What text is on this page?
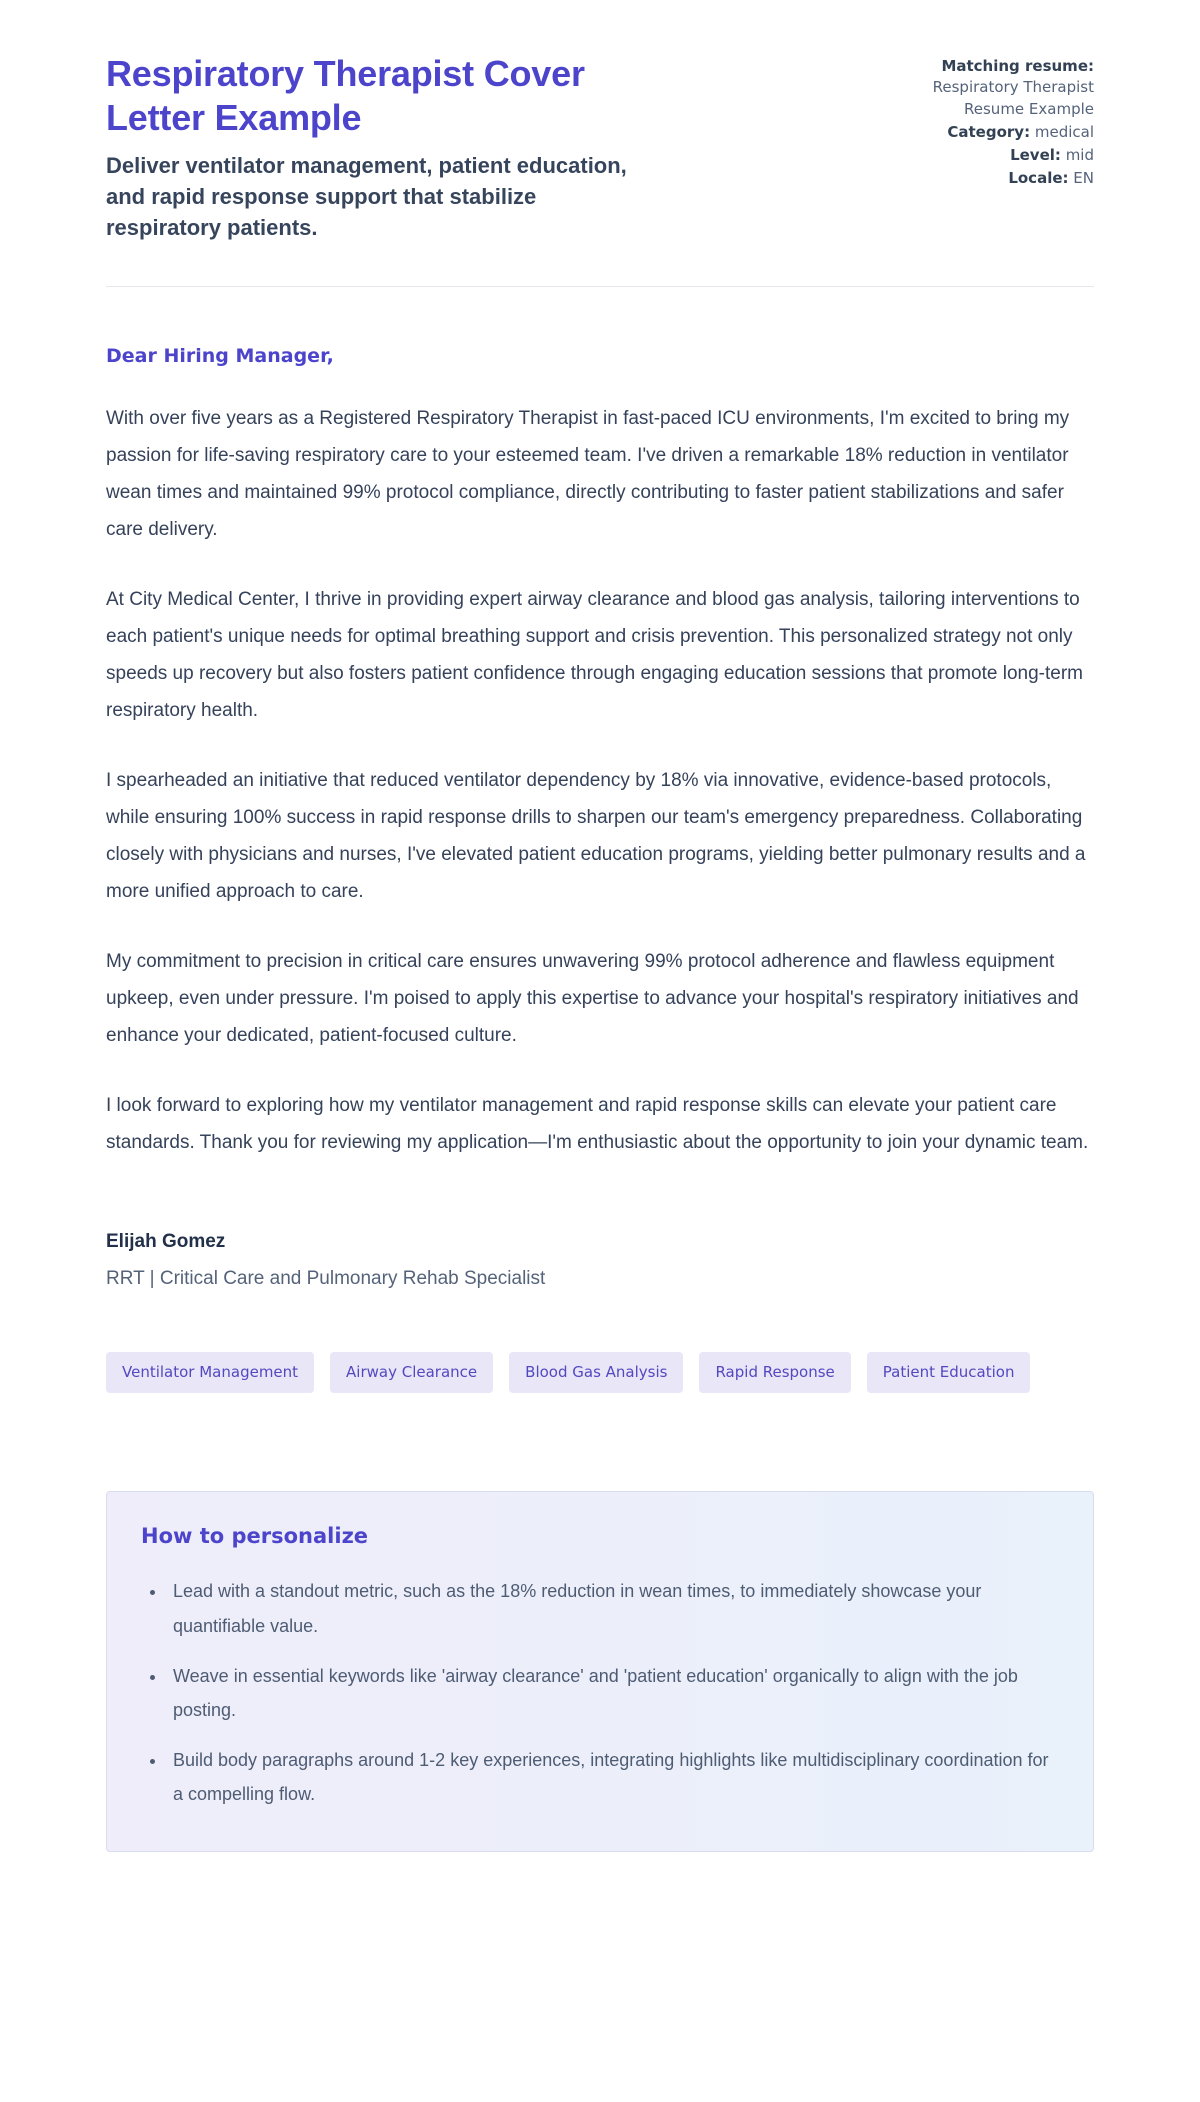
Respiratory Therapist Cover Letter Example

Deliver ventilator management, patient education, and rapid response support that stabilize respiratory patients.

Matching resume: Respiratory Therapist Resume Example

Category: medical

Level: mid

Locale: EN

Dear Hiring Manager,

With over five years as a Registered Respiratory Therapist in fast-paced ICU environments, I'm excited to bring my passion for life-saving respiratory care to your esteemed team. I've driven a remarkable 18% reduction in ventilator wean times and maintained 99% protocol compliance, directly contributing to faster patient stabilizations and safer care delivery.

At City Medical Center, I thrive in providing expert airway clearance and blood gas analysis, tailoring interventions to each patient's unique needs for optimal breathing support and crisis prevention. This personalized strategy not only speeds up recovery but also fosters patient confidence through engaging education sessions that promote long-term respiratory health.

I spearheaded an initiative that reduced ventilator dependency by 18% via innovative, evidence-based protocols, while ensuring 100% success in rapid response drills to sharpen our team's emergency preparedness. Collaborating closely with physicians and nurses, I've elevated patient education programs, yielding better pulmonary results and a more unified approach to care.

My commitment to precision in critical care ensures unwavering 99% protocol adherence and flawless equipment upkeep, even under pressure. I'm poised to apply this expertise to advance your hospital's respiratory initiatives and enhance your dedicated, patient-focused culture.

I look forward to exploring how my ventilator management and rapid response skills can elevate your patient care standards. Thank you for reviewing my application—I'm enthusiastic about the opportunity to join your dynamic team.

Elijah Gomez

RRT | Critical Care and Pulmonary Rehab Specialist

Ventilator Management	Airway Clearance	Blood Gas Analysis	Rapid Response	Patient Education
How to personalize
• Lead with a standout metric, such as the 18% reduction in wean times, to immediately showcase your quantifiable value.
• Weave in essential keywords like 'airway clearance' and 'patient education' organically to align with the job posting.
• Build body paragraphs around 1-2 key experiences, integrating highlights like multidisciplinary coordination for a compelling flow.
